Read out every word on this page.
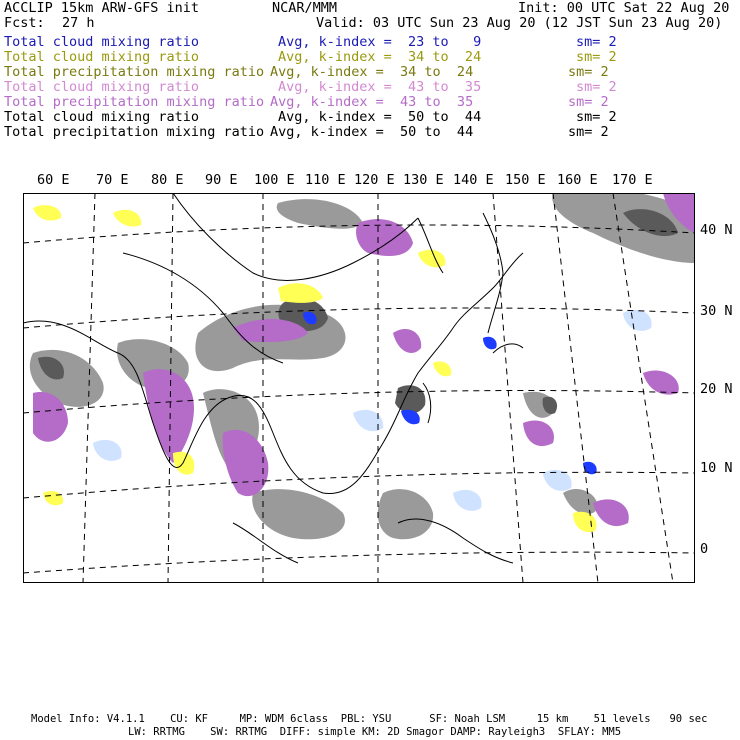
ACCLIP 15km ARW-GFS init	NCAR/MMM	Init: 00 UTC Sat 22 Aug 20
Fcst: 27 h	Valid: 03 UTC Sun 23 Aug 20 (12 JST Sun 23 Aug 20)
Total cloud mixing ratio	Avg, k-index =  23 to   9	sm= 2
Total cloud mixing ratio	Avg, k-index =  34 to  24	sm= 2
Total precipitation mixing ratio Avg, k-index =  34 to  24	sm= 2
Total cloud mixing ratio	Avg, k-index =  43 to  35	sm= 2
Total precipitation mixing ratio Avg, k-index =  43 to  35	sm= 2
Total cloud mixing ratio	Avg, k-index =  50 to  44	sm= 2
Total precipitation mixing ratio Avg, k-index =  50 to  44	sm= 2
60 E 70 E 80 E 90 E 100 E 110 E 120 E 130 E 140 E 150 E 160 E 170 E
40 N
30 N
20 N
10 N
0
Model Info: V4.1.1    CU: KF     MP: WDM 6class  PBL: YSU      SF: Noah LSM     15 km    51 levels   90 sec
LW: RRTMG    SW: RRTMG  DIFF: simple KM: 2D Smagor DAMP: Rayleigh3  SFLAY: MM5
